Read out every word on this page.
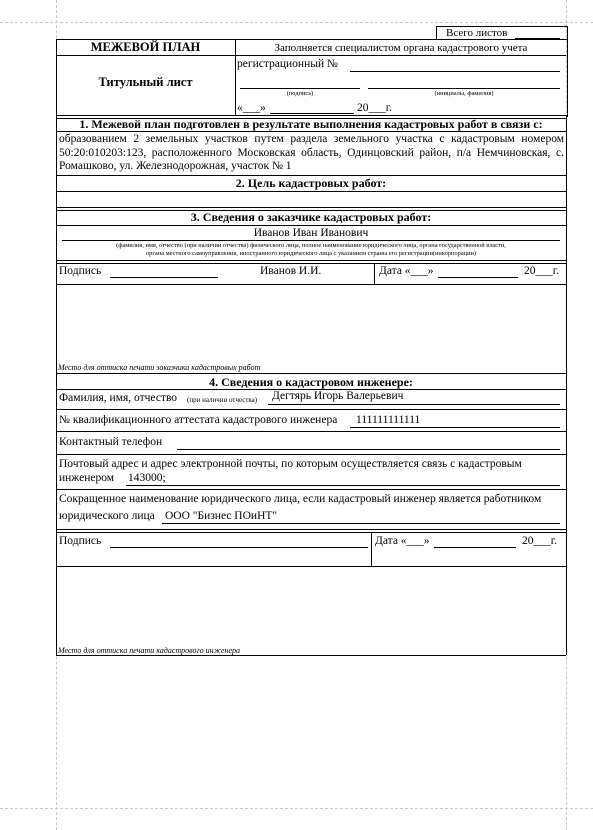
Всего листов
МЕЖЕВОЙ ПЛАН	Заполняется специалистом органа кадастрового учета
Титульный лист
регистрационный №
(подпись)	(инициалы, фамилия)
«___»	20___г.
1. Межевой план подготовлен в результате выполнения кадастровых работ в связи с:
образованием 2 земельных участков путем раздела земельного участка с кадастровым номером 50:20:010203:123, расположенного Московская область, Одинцовский район, п/а Немчиновская, с. Ромашково, ул. Железнодорожная, участок № 1
2. Цель кадастровых работ:
3. Сведения о заказчике кадастровых работ:
Иванов Иван Иванович
(фамилия, имя, отчество (при наличии отчества) физического лица, полное наименование юридического лица, органа государственной власти,
органа местного самоуправления, иностранного юридического лица с указанием страны его регистрации(инкорпорации)
Подпись	Иванов И.И.	Дата «___»	20___г.
Место для оттиска печати заказчика кадастровых работ
4. Сведения о кадастровом инженере:
Фамилия, имя, отчество (при наличии отчества) Дегтярь Игорь Валерьевич
№ квалификационного аттестата кадастрового инженера 111111111111
Контактный телефон
Почтовый адрес и адрес электронной почты, по которым осуществляется связь с кадастровым
инженером 143000;
Сокращенное наименование юридического лица, если кадастровый инженер является работником
юридического лица ООО "Бизнес ПОиНТ"
Подпись	Дата «___»	20___г.
Место для оттиска печати кадастрового инженера
